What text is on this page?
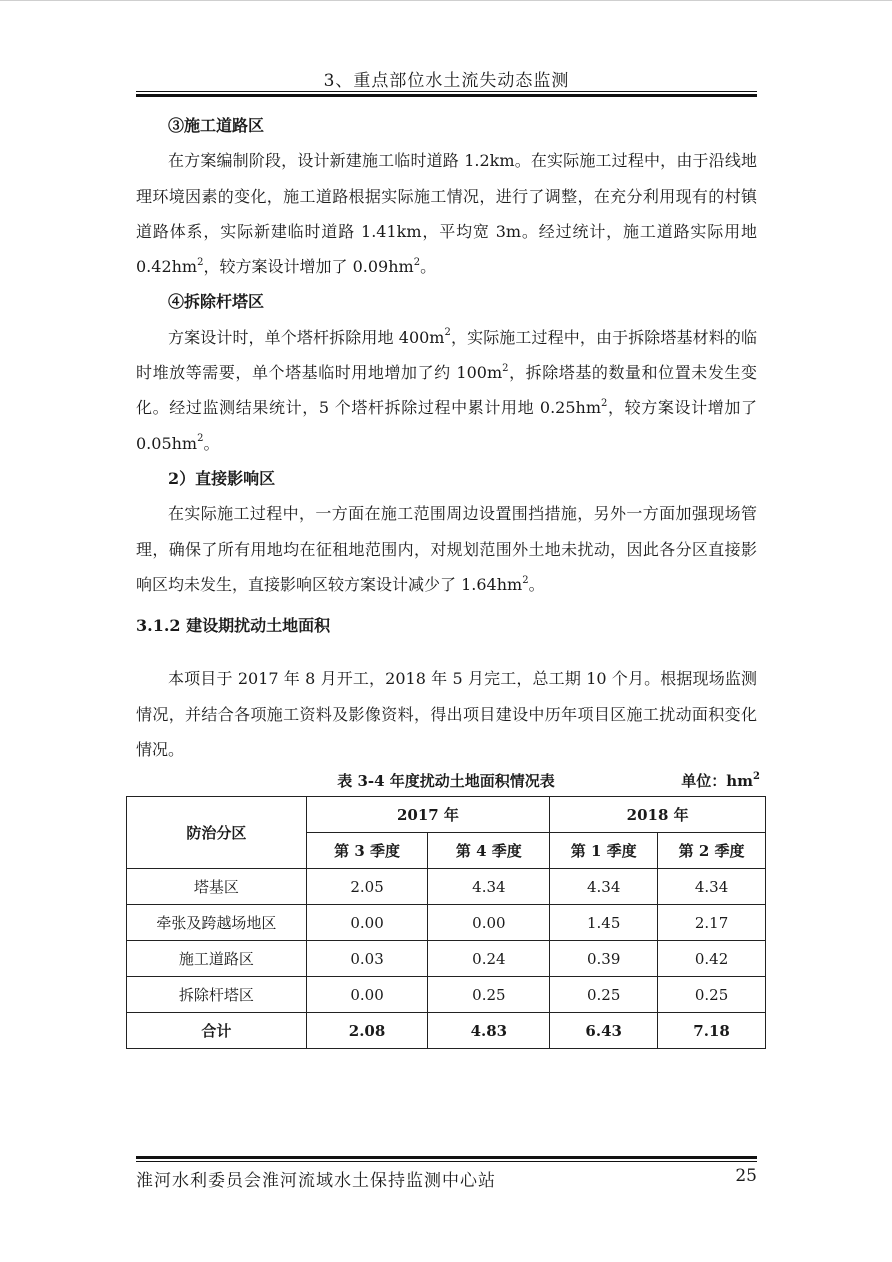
3、重点部位水土流失动态监测

③施工道路区

在方案编制阶段，设计新建施工临时道路 1.2km。在实际施工过程中，由于沿线地理环境因素的变化，施工道路根据实际施工情况，进行了调整，在充分利用现有的村镇道路体系，实际新建临时道路 1.41km，平均宽 3m。经过统计，施工道路实际用地 $0.42hm^2$，较方案设计增加了 $0.09hm^2$。

④拆除杆塔区

方案设计时，单个塔杆拆除用地 $400m^2$，实际施工过程中，由于拆除塔基材料的临时堆放等需要，单个塔基临时用地增加了约 $100m^2$，拆除塔基的数量和位置未发生变化。经过监测结果统计，5 个塔杆拆除过程中累计用地 $0.25hm^2$，较方案设计增加了 $0.05hm^2$。

2）直接影响区

在实际施工过程中，一方面在施工范围周边设置围挡措施，另外一方面加强现场管理，确保了所有用地均在征租地范围内，对规划范围外土地未扰动，因此各分区直接影响区均未发生，直接影响区较方案设计减少了 $1.64hm^2$。

3.1.2 建设期扰动土地面积

本项目于 2017 年 8 月开工，2018 年 5 月完工，总工期 10 个月。根据现场监测情况，并结合各项施工资料及影像资料，得出项目建设中历年项目区施工扰动面积变化情况。

表 3-4 年度扰动土地面积情况表	单位：$hm^2$
防治分区	2017 年		2018 年	
	第 3 季度	第 4 季度	第 1 季度	第 2 季度
塔基区	2.05	4.34	4.34	4.34
牵张及跨越场地区	0.00	0.00	1.45	2.17
施工道路区	0.03	0.24	0.39	0.42
拆除杆塔区	0.00	0.25	0.25	0.25
合计	2.08	4.83	6.43	7.18
淮河水利委员会淮河流域水土保持监测中心站	25
